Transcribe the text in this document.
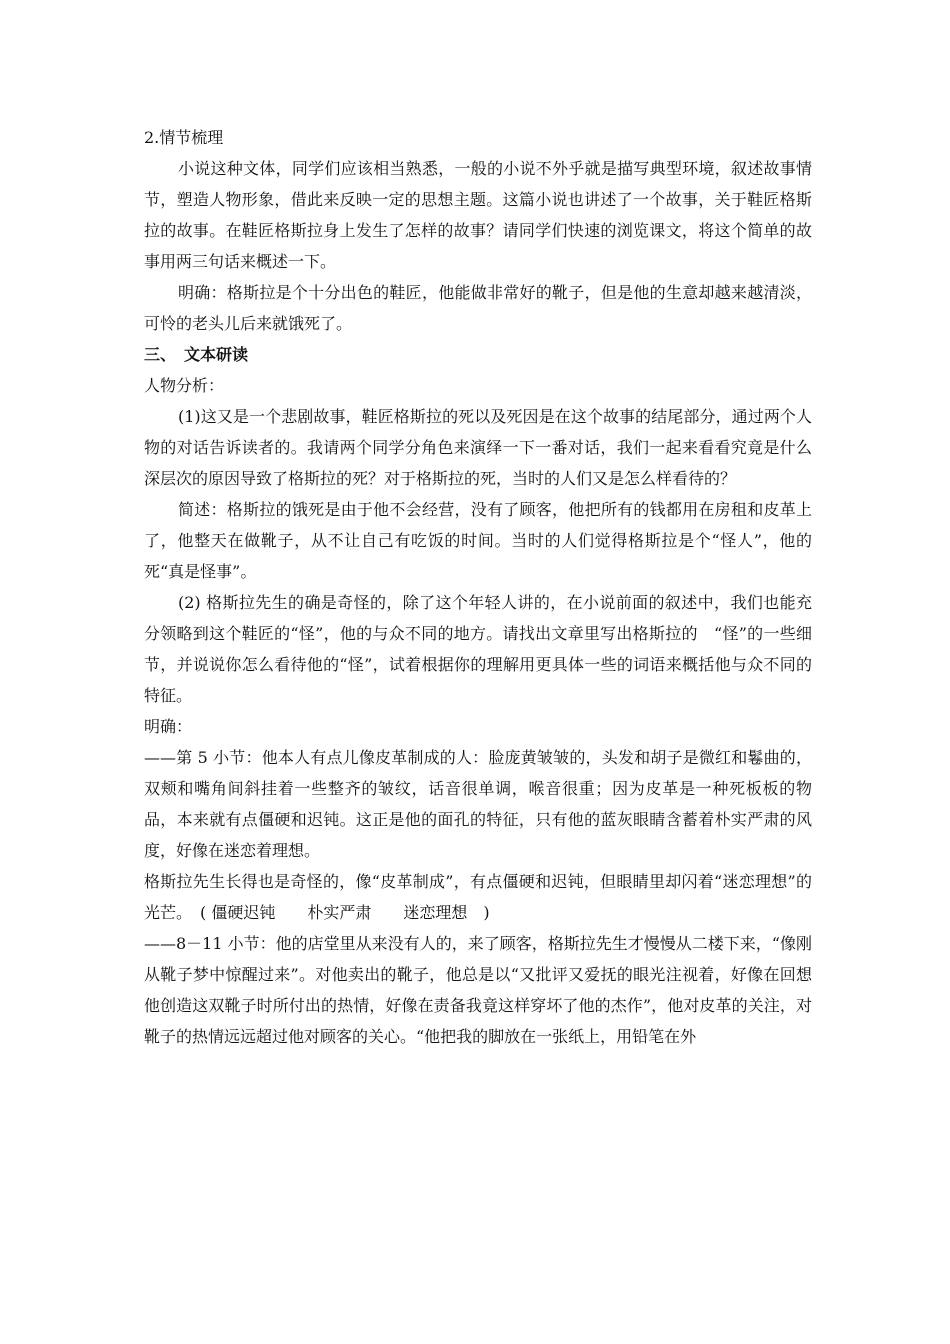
2.情节梳理

小说这种文体，同学们应该相当熟悉，一般的小说不外乎就是描写典型环境，叙述故事情节，塑造人物形象，借此来反映一定的思想主题。这篇小说也讲述了一个故事，关于鞋匠格斯拉的故事。在鞋匠格斯拉身上发生了怎样的故事？请同学们快速的浏览课文，将这个简单的故事用两三句话来概述一下。

明确：格斯拉是个十分出色的鞋匠，他能做非常好的靴子，但是他的生意却越来越清淡，可怜的老头儿后来就饿死了。

三、　文本研读

人物分析：

(1)这又是一个悲剧故事，鞋匠格斯拉的死以及死因是在这个故事的结尾部分，通过两个人物的对话告诉读者的。我请两个同学分角色来演绎一下一番对话，我们一起来看看究竟是什么深层次的原因导致了格斯拉的死？对于格斯拉的死，当时的人们又是怎么样看待的？

简述：格斯拉的饿死是由于他不会经营，没有了顾客，他把所有的钱都用在房租和皮革上了，他整天在做靴子，从不让自己有吃饭的时间。当时的人们觉得格斯拉是个“怪人”，他的死“真是怪事”。

(2) 格斯拉先生的确是奇怪的，除了这个年轻人讲的，在小说前面的叙述中，我们也能充分领略到这个鞋匠的“怪”，他的与众不同的地方。请找出文章里写出格斯拉的　“怪”的一些细节，并说说你怎么看待他的“怪”，试着根据你的理解用更具体一些的词语来概括他与众不同的特征。

明确：

——第 5 小节：他本人有点儿像皮革制成的人：脸庞黄皱皱的，头发和胡子是微红和鬈曲的，双颊和嘴角间斜挂着一些整齐的皱纹，话音很单调，喉音很重；因为皮革是一种死板板的物品，本来就有点僵硬和迟钝。这正是他的面孔的特征，只有他的蓝灰眼睛含蓄着朴实严肃的风度，好像在迷恋着理想。

格斯拉先生长得也是奇怪的，像“皮革制成”，有点僵硬和迟钝，但眼睛里却闪着“迷恋理想”的光芒。　( 僵硬迟钝　　朴实严肃　　迷恋理想　)

——8－11 小节：他的店堂里从来没有人的，来了顾客，格斯拉先生才慢慢从二楼下来，“像刚从靴子梦中惊醒过来”。对他卖出的靴子，他总是以“又批评又爱抚的眼光注视着，好像在回想他创造这双靴子时所付出的热情，好像在责备我竟这样穿坏了他的杰作”，他对皮革的关注，对靴子的热情远远超过他对顾客的关心。“他把我的脚放在一张纸上，用铅笔在外
